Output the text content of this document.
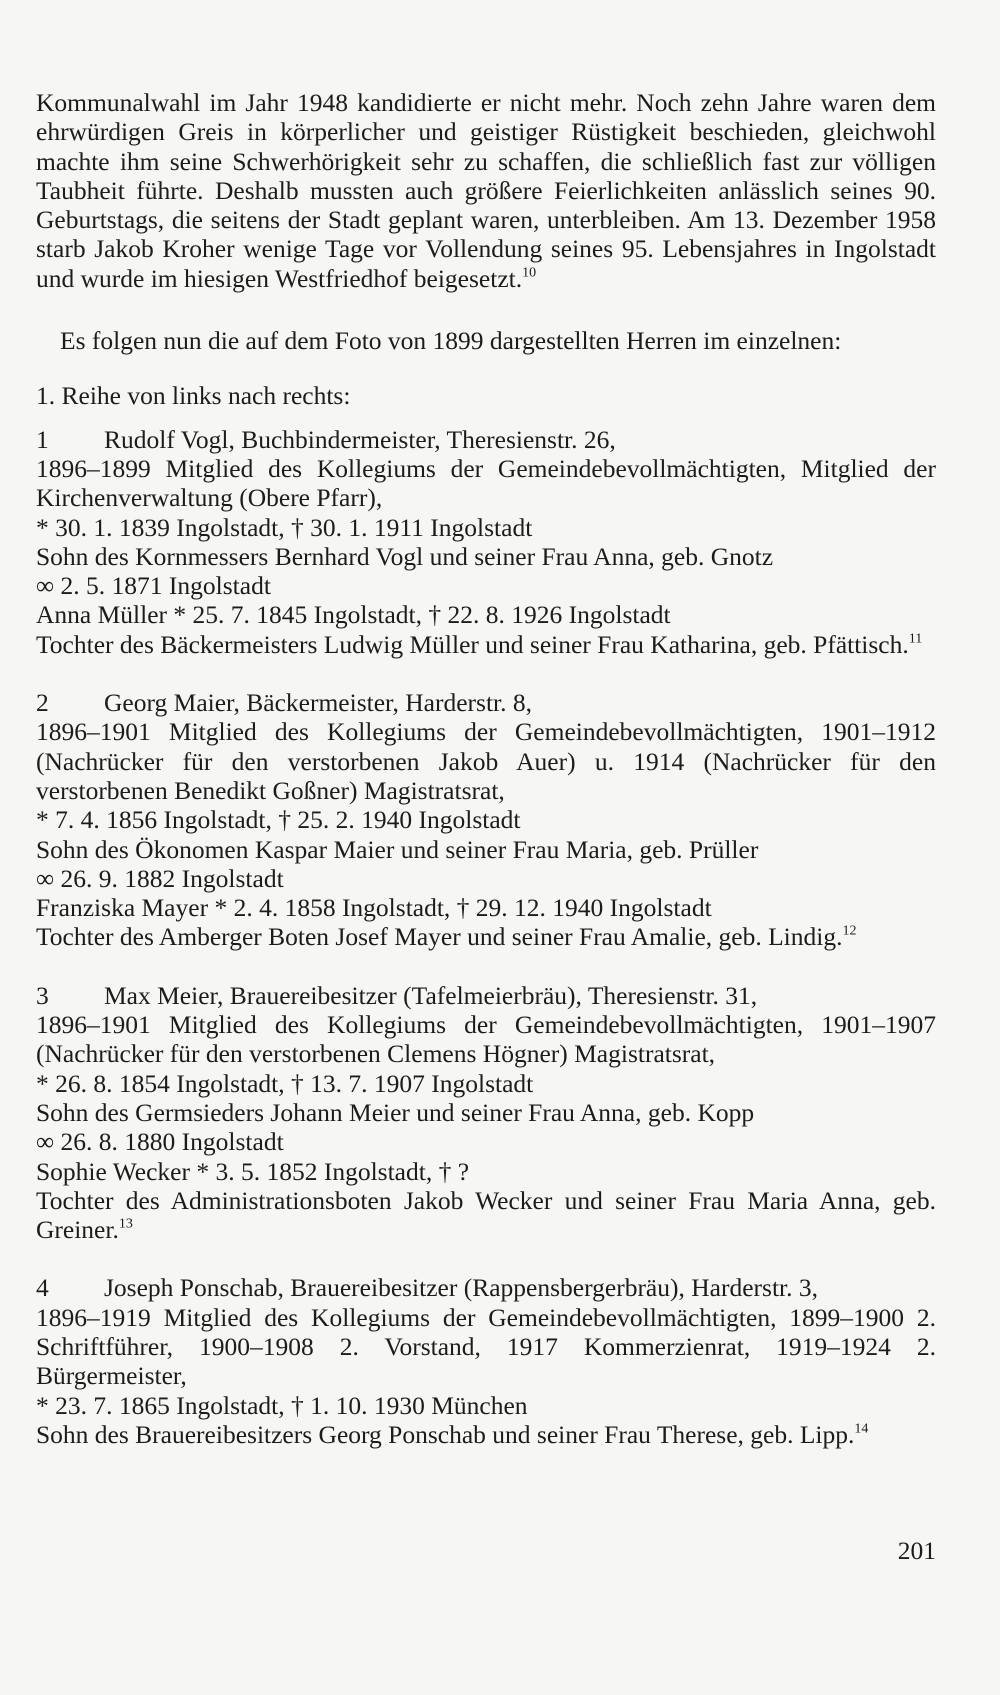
Kommunalwahl im Jahr 1948 kandidierte er nicht mehr. Noch zehn Jahre waren dem ehrwürdigen Greis in körperlicher und geistiger Rüstigkeit beschieden, gleichwohl machte ihm seine Schwerhörigkeit sehr zu schaffen, die schließlich fast zur völligen Taubheit führte. Deshalb mussten auch größere Feierlichkeiten anlässlich seines 90. Geburtstags, die seitens der Stadt geplant waren, unterbleiben. Am 13. Dezember 1958 starb Jakob Kroher wenige Tage vor Vollendung seines 95. Lebensjahres in Ingolstadt und wurde im hiesigen Westfriedhof beigesetzt.$^{10}$

Es folgen nun die auf dem Foto von 1899 dargestellten Herren im einzelnen:

1. Reihe von links nach rechts:

1 Rudolf Vogl, Buchbindermeister, Theresienstr. 26,

1896–1899 Mitglied des Kollegiums der Gemeindebevollmächtigten, Mitglied der Kirchenverwaltung (Obere Pfarr),

* 30. 1. 1839 Ingolstadt, † 30. 1. 1911 Ingolstadt

Sohn des Kornmessers Bernhard Vogl und seiner Frau Anna, geb. Gnotz

∞ 2. 5. 1871 Ingolstadt

Anna Müller * 25. 7. 1845 Ingolstadt, † 22. 8. 1926 Ingolstadt

Tochter des Bäckermeisters Ludwig Müller und seiner Frau Katharina, geb. Pfättisch.$^{11}$

2 Georg Maier, Bäckermeister, Harderstr. 8,

1896–1901 Mitglied des Kollegiums der Gemeindebevollmächtigten, 1901–1912 (Nachrücker für den verstorbenen Jakob Auer) u. 1914 (Nachrücker für den verstorbenen Benedikt Goßner) Magistratsrat,

* 7. 4. 1856 Ingolstadt, † 25. 2. 1940 Ingolstadt

Sohn des Ökonomen Kaspar Maier und seiner Frau Maria, geb. Prüller

∞ 26. 9. 1882 Ingolstadt

Franziska Mayer * 2. 4. 1858 Ingolstadt, † 29. 12. 1940 Ingolstadt

Tochter des Amberger Boten Josef Mayer und seiner Frau Amalie, geb. Lindig.$^{12}$

3 Max Meier, Brauereibesitzer (Tafelmeierbräu), Theresienstr. 31,

1896–1901 Mitglied des Kollegiums der Gemeindebevollmächtigten, 1901–1907 (Nachrücker für den verstorbenen Clemens Högner) Magistratsrat,

* 26. 8. 1854 Ingolstadt, † 13. 7. 1907 Ingolstadt

Sohn des Germsieders Johann Meier und seiner Frau Anna, geb. Kopp

∞ 26. 8. 1880 Ingolstadt

Sophie Wecker * 3. 5. 1852 Ingolstadt, † ?

Tochter des Administrationsboten Jakob Wecker und seiner Frau Maria Anna, geb. Greiner.$^{13}$

4 Joseph Ponschab, Brauereibesitzer (Rappensbergerbräu), Harderstr. 3,

1896–1919 Mitglied des Kollegiums der Gemeindebevollmächtigten, 1899–1900 2. Schriftführer, 1900–1908 2. Vorstand, 1917 Kommerzienrat, 1919–1924 2. Bürgermeister,

* 23. 7. 1865 Ingolstadt, † 1. 10. 1930 München

Sohn des Brauereibesitzers Georg Ponschab und seiner Frau Therese, geb. Lipp.$^{14}$

201
